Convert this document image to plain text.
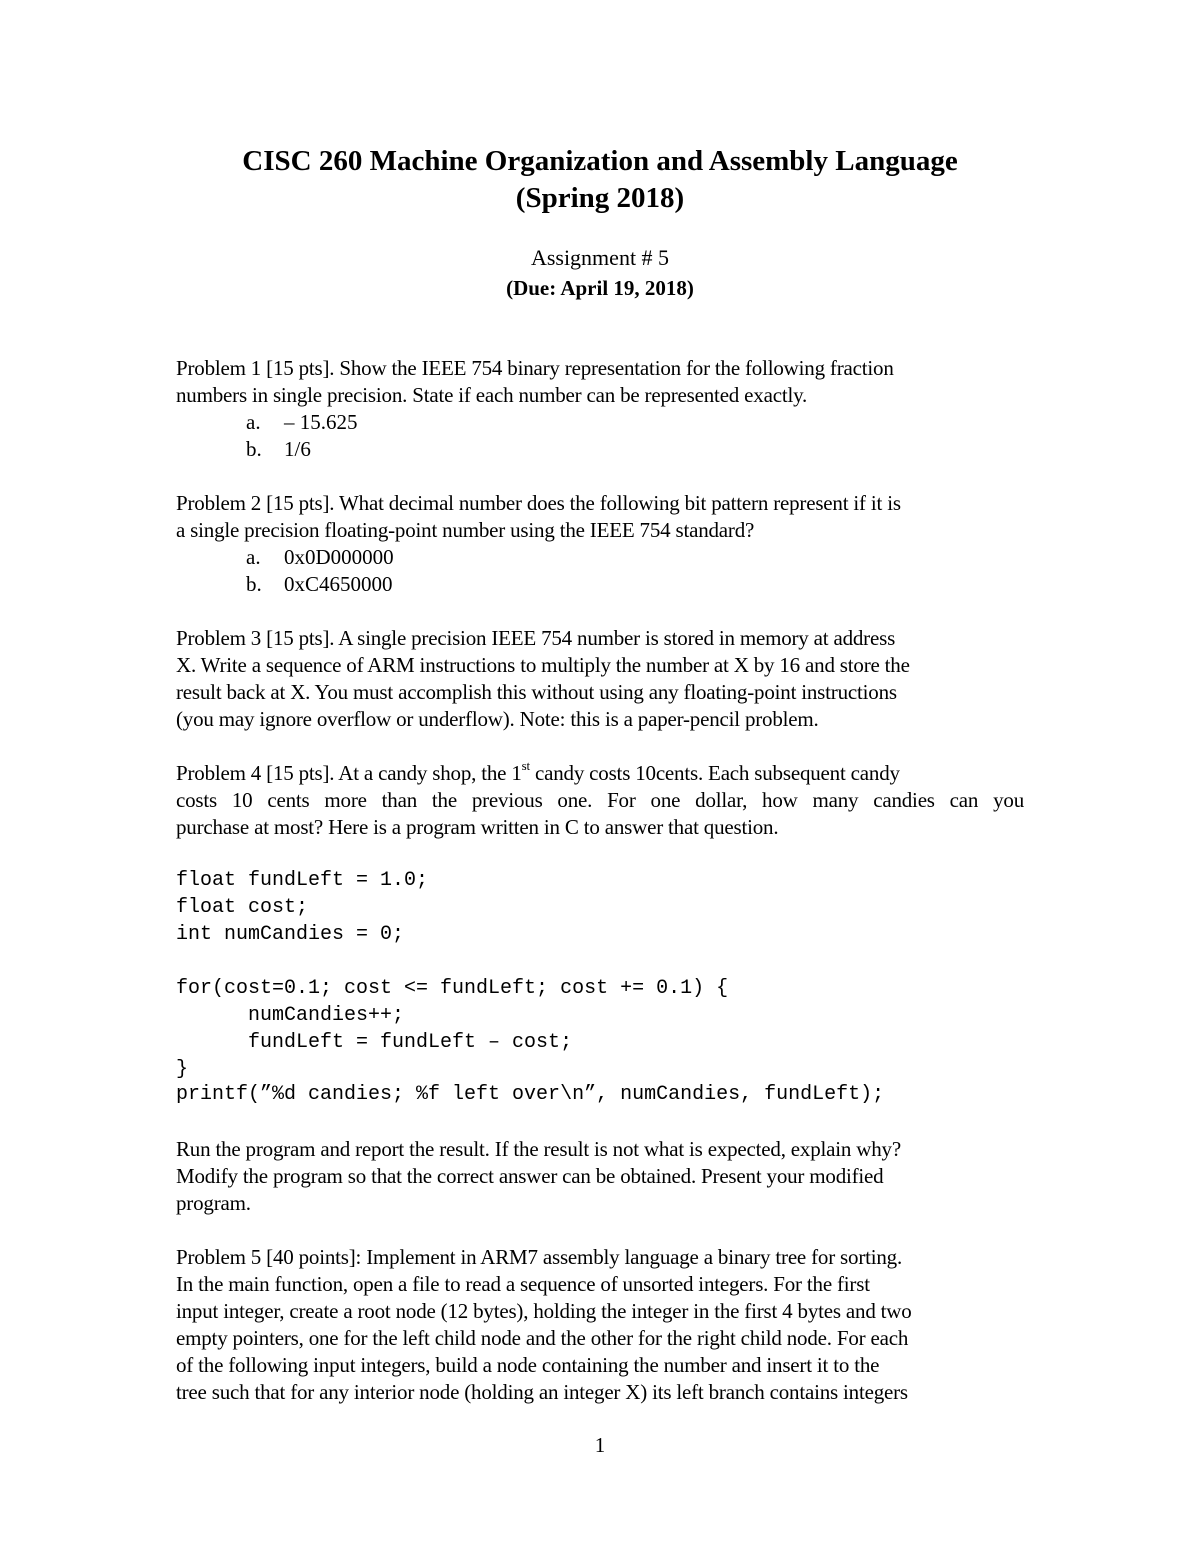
CISC 260 Machine Organization and Assembly Language
(Spring 2018)
Assignment # 5
(Due: April 19, 2018)
Problem 1 [15 pts]. Show the IEEE 754 binary representation for the following fraction
numbers in single precision. State if each number can be represented exactly.
a. – 15.625
b. 1/6
Problem 2 [15 pts]. What decimal number does the following bit pattern represent if it is
a single precision floating-point number using the IEEE 754 standard?
a. 0x0D000000
b. 0xC4650000
Problem 3 [15 pts]. A single precision IEEE 754 number is stored in memory at address
X. Write a sequence of ARM instructions to multiply the number at X by 16 and store the
result back at X. You must accomplish this without using any floating-point instructions
(you may ignore overflow or underflow). Note: this is a paper-pencil problem.
Problem 4 [15 pts]. At a candy shop, the 1st candy costs 10cents. Each subsequent candy
costs 10 cents more than the previous one. For one dollar, how many candies can you
purchase at most? Here is a program written in C to answer that question.
float fundLeft = 1.0;
float cost;
int numCandies = 0;
for(cost=0.1; cost <= fundLeft; cost += 0.1) {
numCandies++;
fundLeft = fundLeft – cost;
}
printf(”%d candies; %f left over\n”, numCandies, fundLeft);
Run the program and report the result. If the result is not what is expected, explain why?
Modify the program so that the correct answer can be obtained. Present your modified
program.
Problem 5 [40 points]: Implement in ARM7 assembly language a binary tree for sorting.
In the main function, open a file to read a sequence of unsorted integers. For the first
input integer, create a root node (12 bytes), holding the integer in the first 4 bytes and two
empty pointers, one for the left child node and the other for the right child node. For each
of the following input integers, build a node containing the number and insert it to the
tree such that for any interior node (holding an integer X) its left branch contains integers
1
